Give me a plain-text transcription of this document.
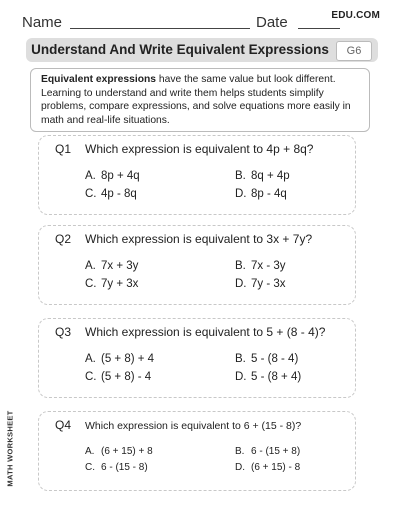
Name	Date	EDU.COM
Understand And Write Equivalent Expressions	G6
Equivalent expressions have the same value but look different. Learning to understand and write them helps students simplify problems, compare expressions, and solve equations more easily in math and real-life situations.
Q1 Which expression is equivalent to 4p + 8q?
A. 8p + 4q	B. 8q + 4p
C. 4p - 8q	D. 8p - 4q
Q2 Which expression is equivalent to 3x + 7y?
A. 7x + 3y	B. 7x - 3y
C. 7y + 3x	D. 7y - 3x
Q3 Which expression is equivalent to 5 + (8 - 4)?
A. (5 + 8) + 4	B. 5 - (8 - 4)
C. (5 + 8) - 4	D. 5 - (8 + 4)
Q4 Which expression is equivalent to 6 + (15 - 8)?
A. (6 + 15) + 8	B. 6 - (15 + 8)
C. 6 - (15 - 8)	D. (6 + 15) - 8
MATH WORKSHEET
